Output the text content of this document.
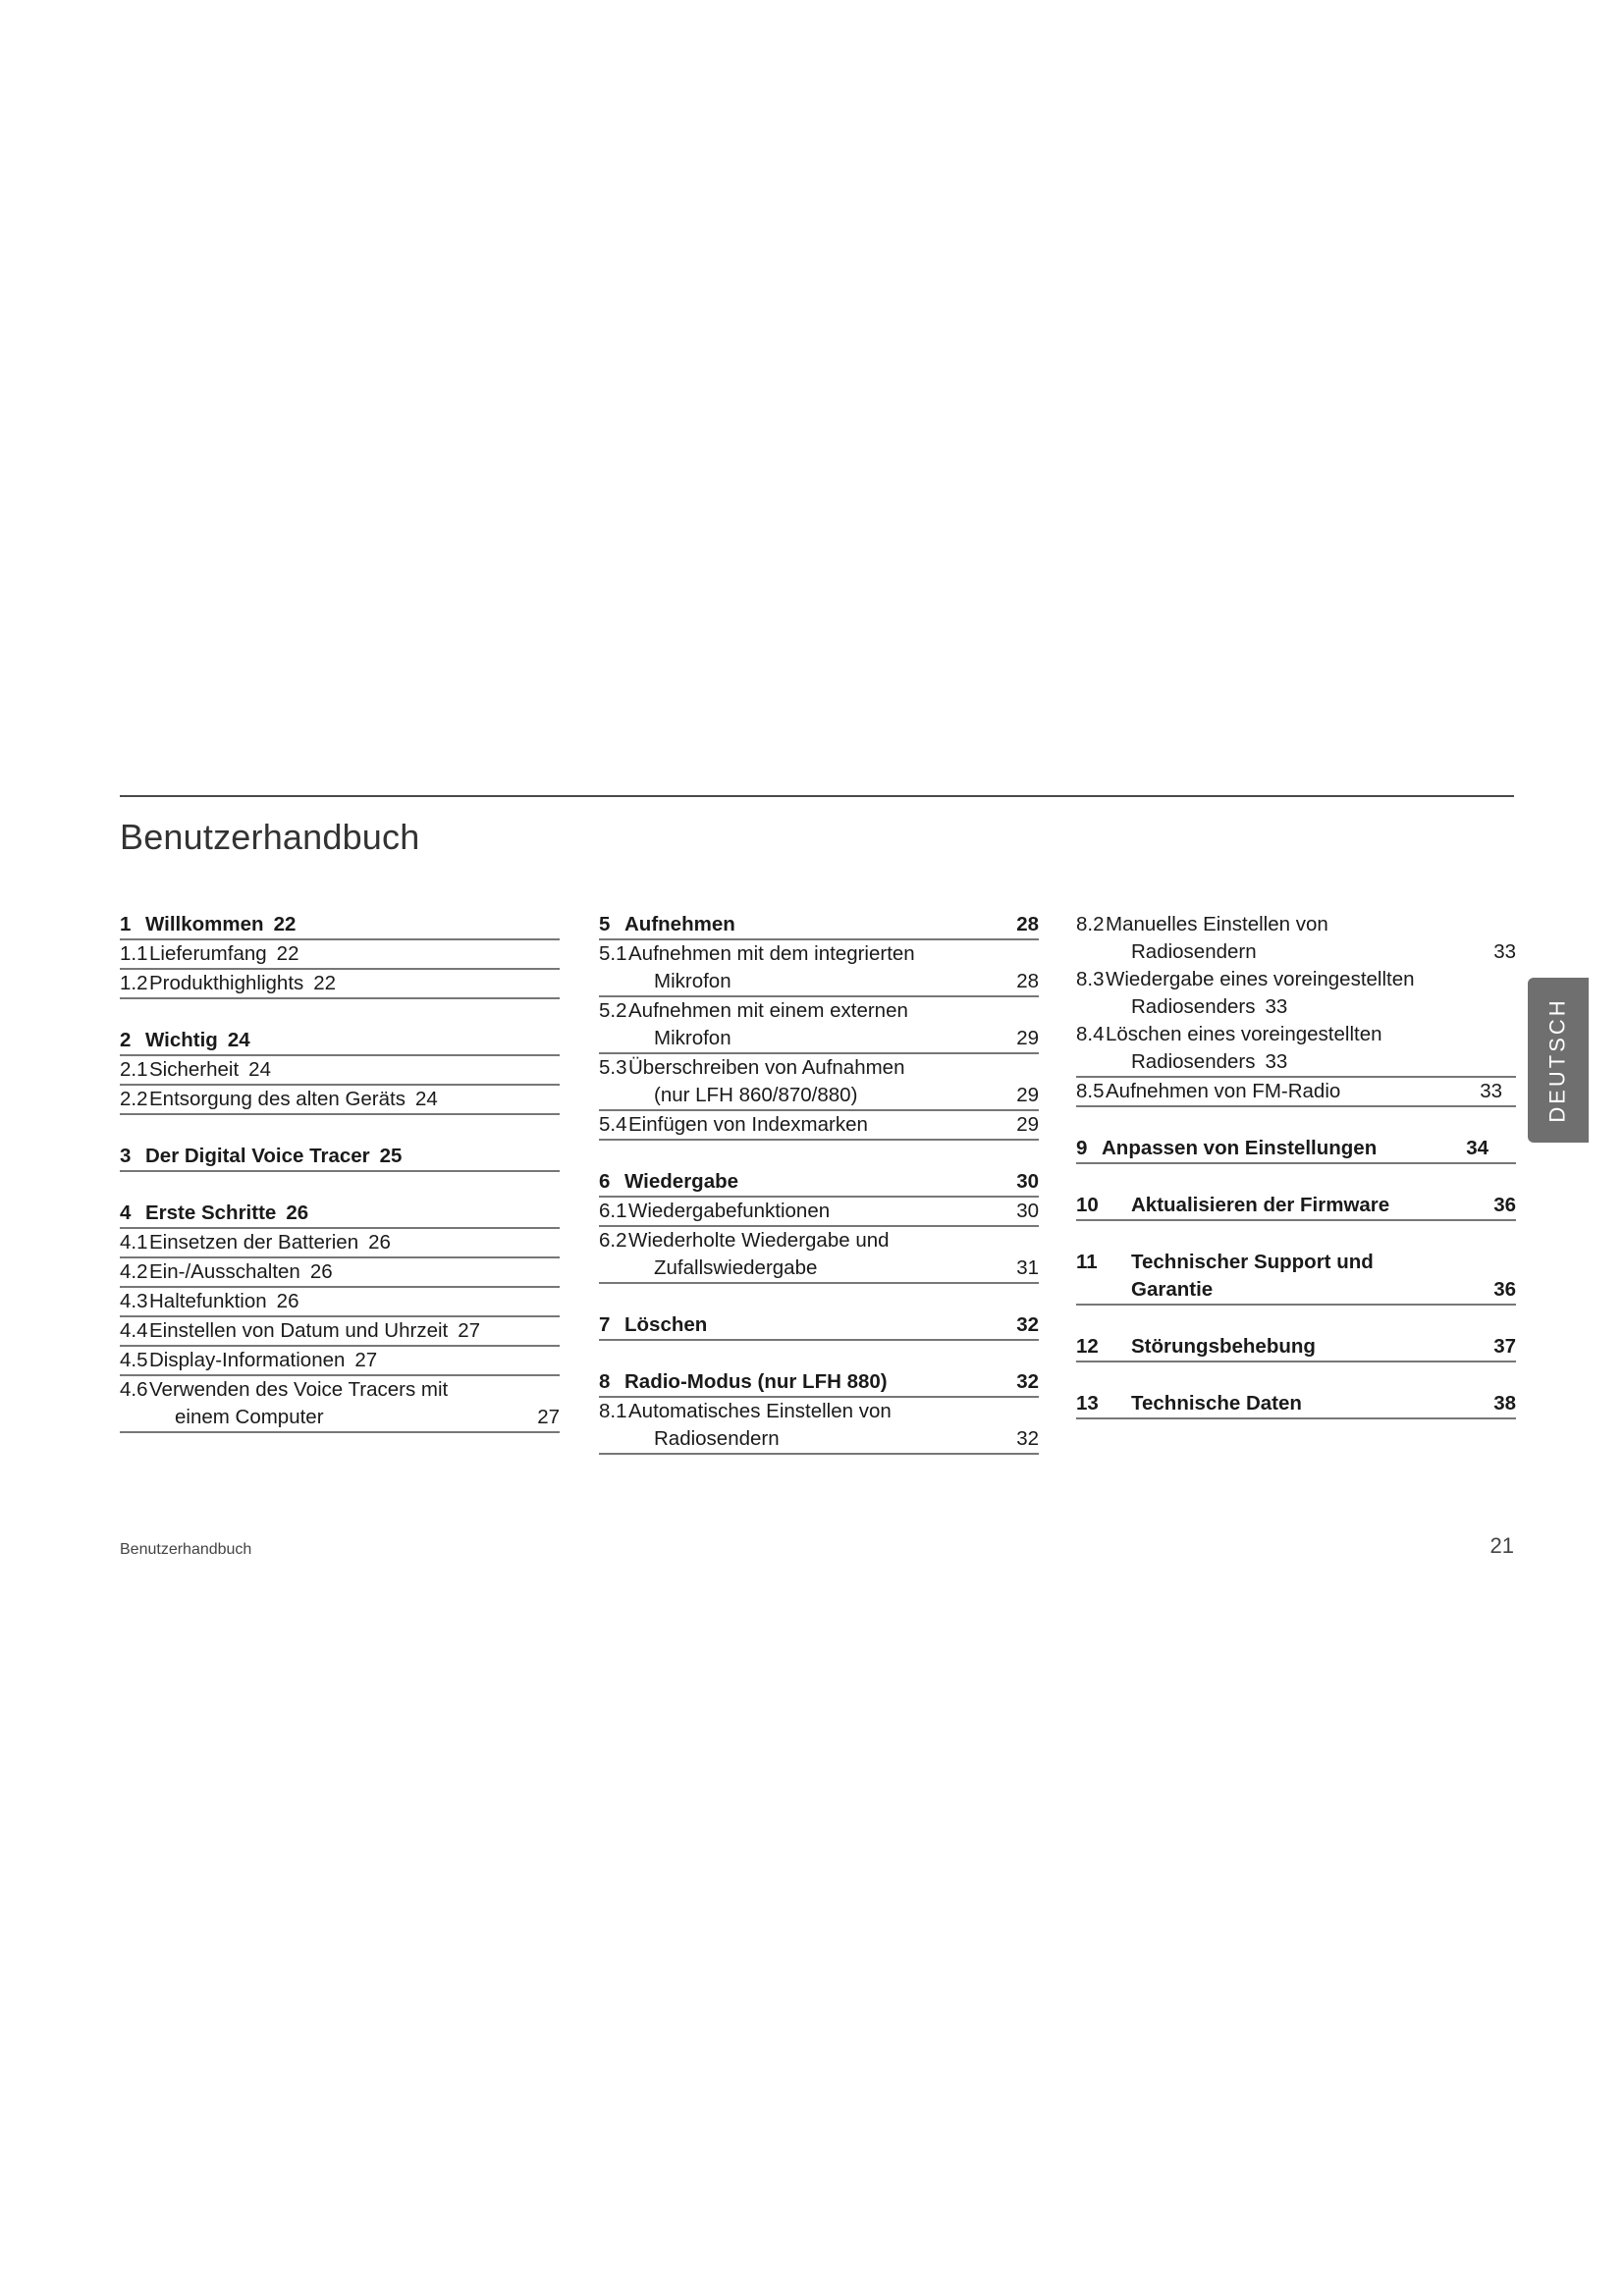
Benutzerhandbuch
1 Willkommen 22
1.1 Lieferumfang 22
1.2 Produkthighlights 22
2 Wichtig 24
2.1 Sicherheit 24
2.2 Entsorgung des alten Geräts 24
3 Der Digital Voice Tracer 25
4 Erste Schritte 26
4.1 Einsetzen der Batterien 26
4.2 Ein-/Ausschalten 26
4.3 Haltefunktion 26
4.4 Einstellen von Datum und Uhrzeit 27
4.5 Display-Informationen 27
4.6 Verwenden des Voice Tracers mit
einem Computer	27
5 Aufnehmen	28
5.1 Aufnehmen mit dem integrierten
Mikrofon	28
5.2 Aufnehmen mit einem externen
Mikrofon	29
5.3 Überschreiben von Aufnahmen
(nur LFH 860/870/880)	29
5.4 Einfügen von Indexmarken	29
6 Wiedergabe	30
6.1 Wiedergabefunktionen	30
6.2 Wiederholte Wiedergabe und
Zufallswiedergabe	31
7 Löschen	32
8 Radio-Modus (nur LFH 880)	32
8.1 Automatisches Einstellen von
Radiosendern	32
8.2 Manuelles Einstellen von
Radiosendern	33
8.3 Wiedergabe eines voreingestellten
Radiosenders 33
8.4 Löschen eines voreingestellten
Radiosenders 33
8.5 Aufnehmen von FM-Radio	33
9 Anpassen von Einstellungen	34
10	Aktualisieren der Firmware	36
11	Technischer Support und
Garantie	36
12	Störungsbehebung	37
13	Technische Daten	38
DEUTSCH
Benutzerhandbuch	21
